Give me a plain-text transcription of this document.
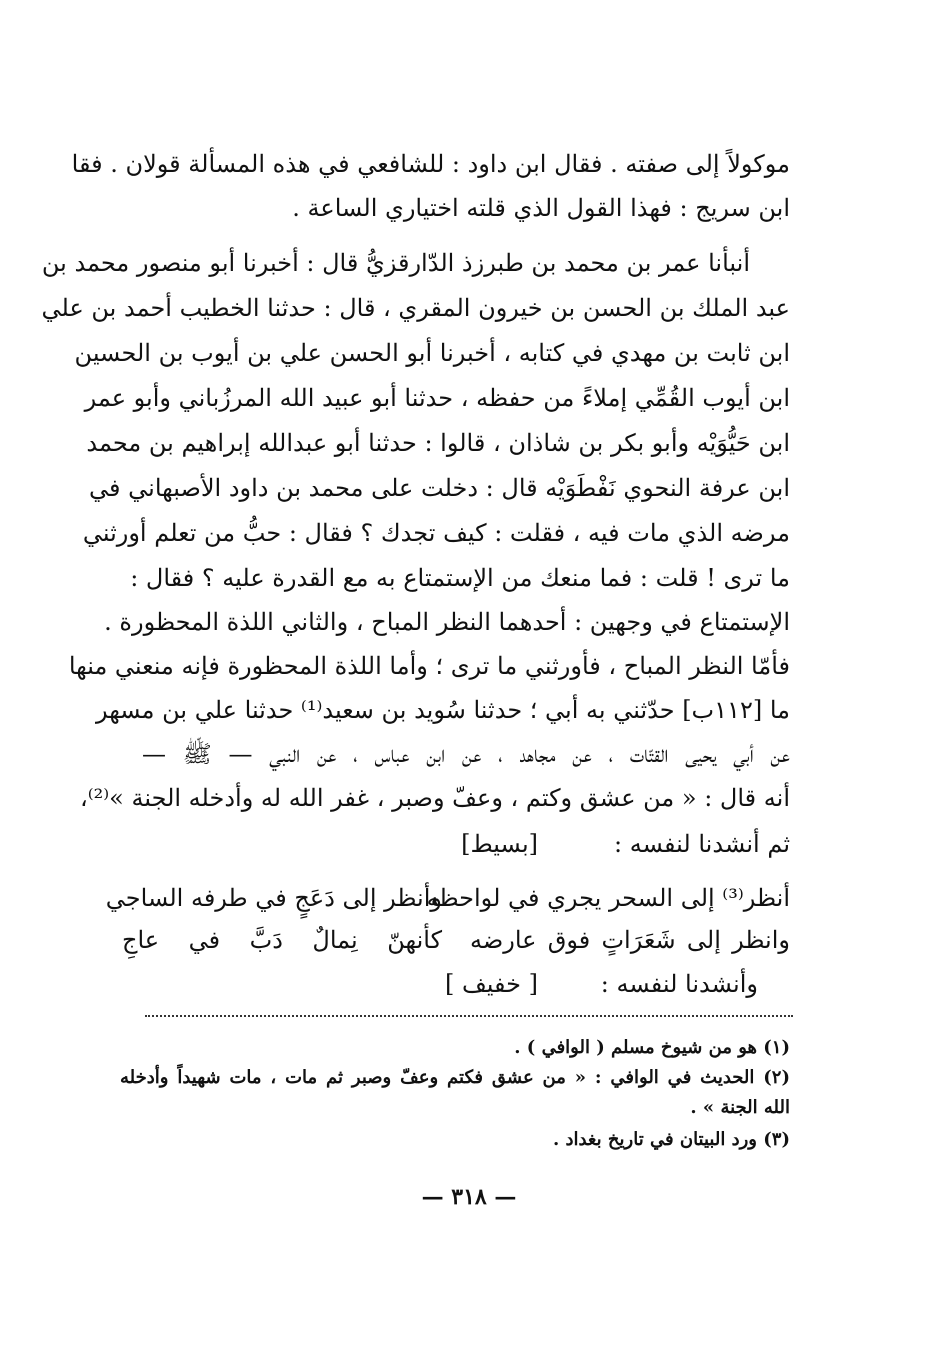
موكولاً إلى صفته . فقال ابن داود : للشافعي في هذه المسألة قولان . فقا
ابن سريج : فهذا القول الذي قلته اختياري الساعة .
أنبأنا عمر بن محمد بن طبرزذ الدّارقزيُّ قال : أخبرنا أبو منصور محمد بن
عبد الملك بن الحسن بن خيرون المقري ، قال : حدثنا الخطيب أحمد بن علي
ابن ثابت بن مهدي في كتابه ، أخبرنا أبو الحسن علي بن أيوب بن الحسين
ابن أيوب القُمِّي إملاءً من حفظه ، حدثنا أبو عبيد الله المرزُباني وأبو عمر
ابن حَيُّوَيْه وأبو بكر بن شاذان ، قالوا : حدثنا أبو عبدالله إبراهيم بن محمد
ابن عرفة النحوي نَفْطَوَيْه قال : دخلت على محمد بن داود الأصبهاني في
مرضه الذي مات فيه ، فقلت : كيف تجدك ؟ فقال : حبُّ من تعلم أورثني
ما ترى ! قلت : فما منعك من الإستمتاع به مع القدرة عليه ؟ فقال :
الإستمتاع في وجهين : أحدهما النظر المباح ، والثاني اللذة المحظورة .
فأمّا النظر المباح ، فأورثني ما ترى ؛ وأما اللذة المحظورة فإنه منعني منها
ما [١١٢ب] حدّثني به أبي ؛ حدثنا سُويد بن سعيد⁽¹⁾ حدثنا علي بن مسهر
عن أبي يحيى القتّات ، عن مجاهد ، عن ابن عباس ، عن النبي — ﷺ —
أنه قال : « من عشق وكتم ، وعفّ وصبر ، غفر الله له وأدخله الجنة »⁽²⁾،
ثم أنشدنا لنفسه :
[بسيط]
أنظر⁽³⁾ إلى السحر يجري في لواحظه
وأنظر إلى دَعَجٍ في طرفه الساجي
وانظر إلى شَعَرَاتٍ فوق عارضه
كأنهنّ نِمالٌ دَبَّ في عاجِ
وأنشدنا لنفسه :
[ خفيف ]
(١) هو من شيوخ مسلم ( الوافي ) .
(٢) الحديث في الوافي : « من عشق فكتم وعفّ وصبر ثم مات ، مات شهيداً وأدخله
الله الجنة » .
(٣) ورد البيتان في تاريخ بغداد .
— ٣١٨ —
